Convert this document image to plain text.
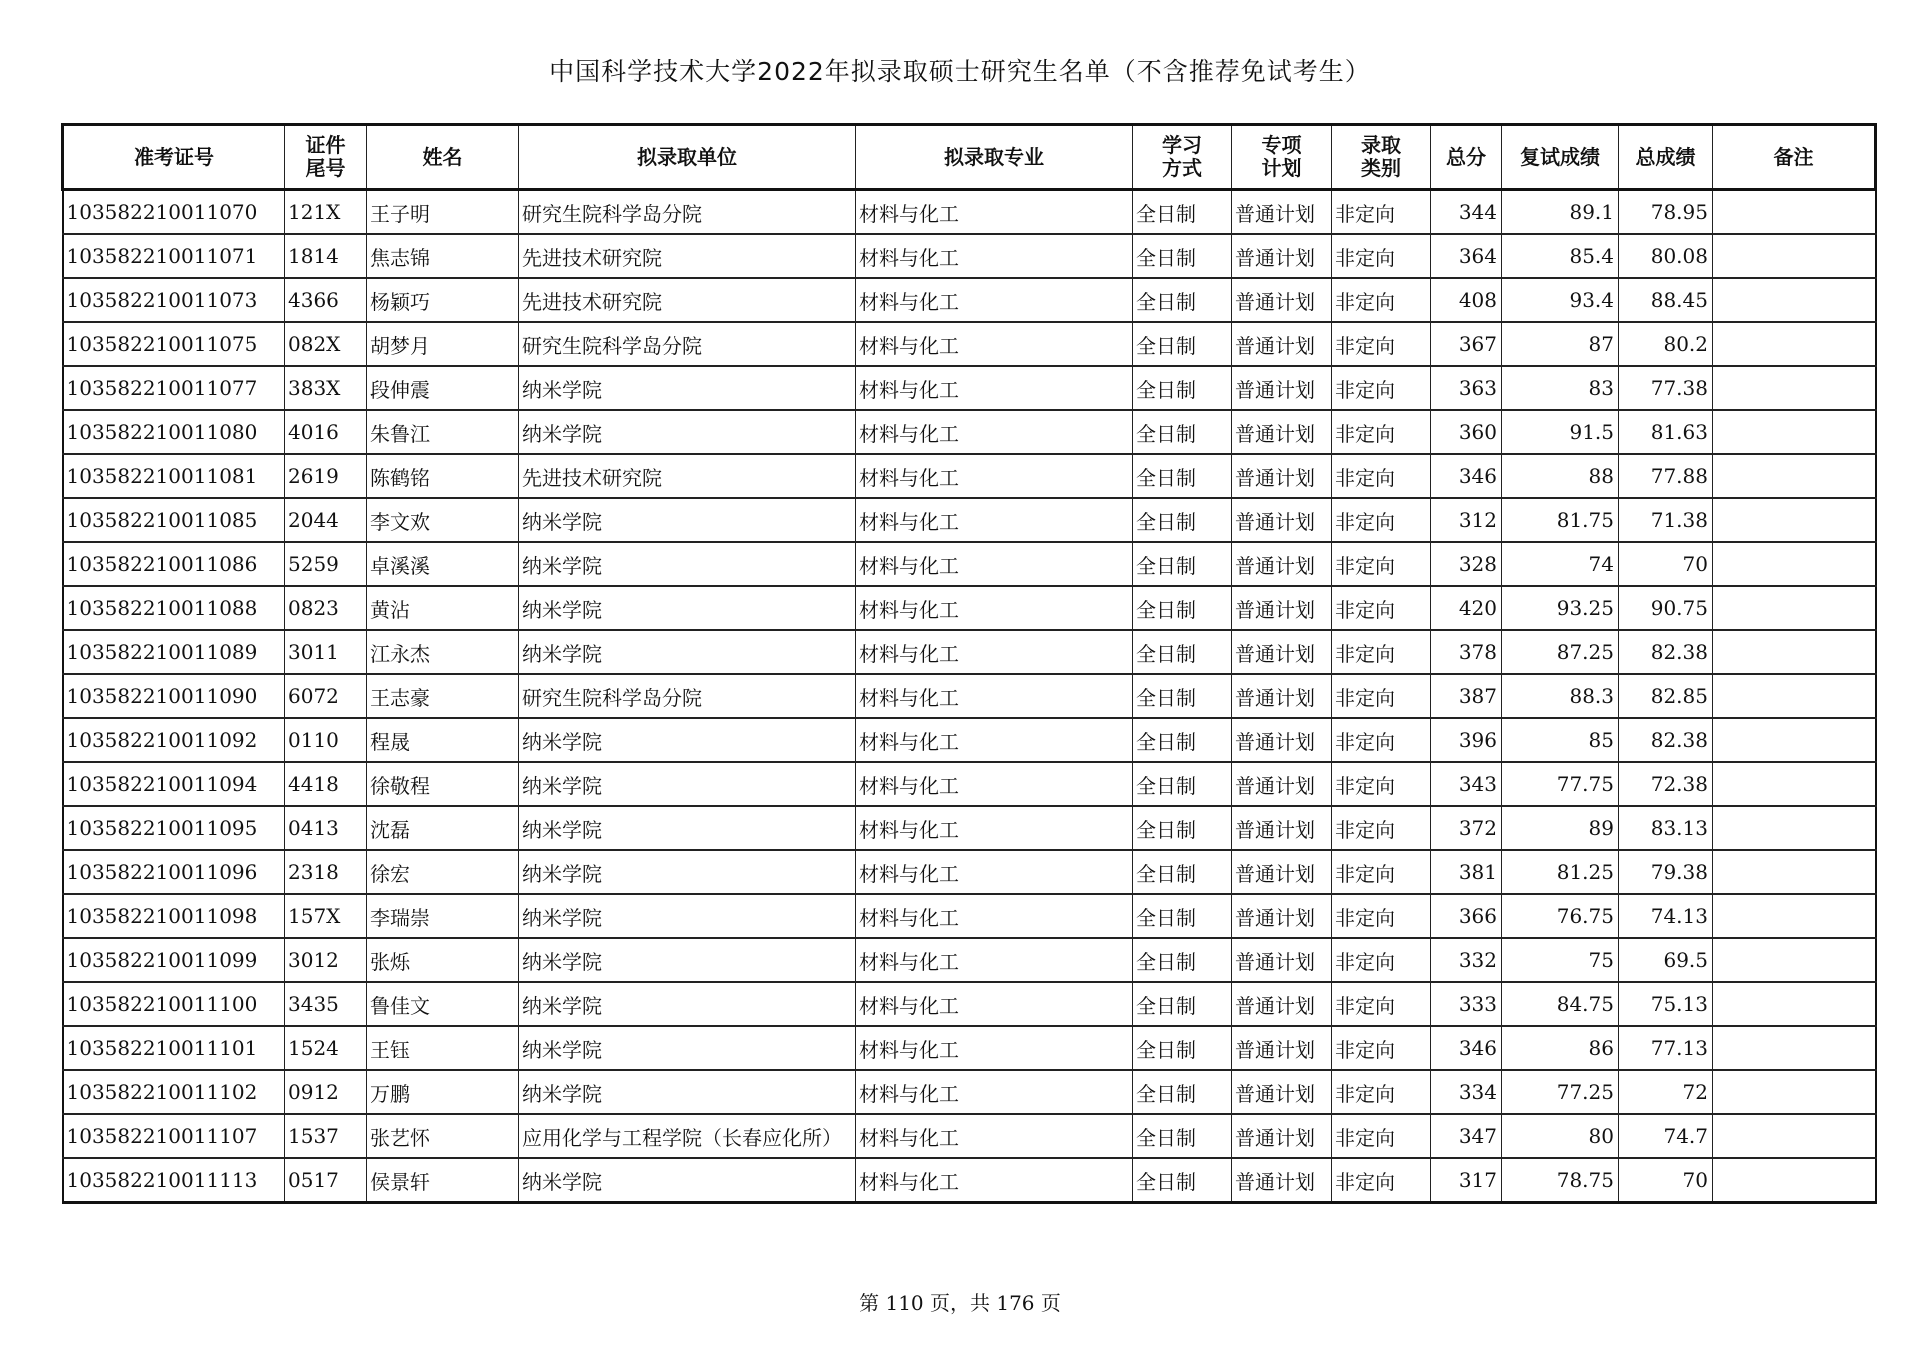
中国科学技术大学2022年拟录取硕士研究生名单（不含推荐免试考生）
准考证号	证件尾号	姓名	拟录取单位	拟录取专业	学习方式	专项计划	录取类别	总分	复试成绩	总成绩	备注
103582210011070	121X	王子明	研究生院科学岛分院	材料与化工	全日制	普通计划	非定向	344	89.1	78.95	
103582210011071	1814	焦志锦	先进技术研究院	材料与化工	全日制	普通计划	非定向	364	85.4	80.08	
103582210011073	4366	杨颖巧	先进技术研究院	材料与化工	全日制	普通计划	非定向	408	93.4	88.45	
103582210011075	082X	胡梦月	研究生院科学岛分院	材料与化工	全日制	普通计划	非定向	367	87	80.2	
103582210011077	383X	段伸震	纳米学院	材料与化工	全日制	普通计划	非定向	363	83	77.38	
103582210011080	4016	朱鲁江	纳米学院	材料与化工	全日制	普通计划	非定向	360	91.5	81.63	
103582210011081	2619	陈鹤铭	先进技术研究院	材料与化工	全日制	普通计划	非定向	346	88	77.88	
103582210011085	2044	李文欢	纳米学院	材料与化工	全日制	普通计划	非定向	312	81.75	71.38	
103582210011086	5259	卓溪溪	纳米学院	材料与化工	全日制	普通计划	非定向	328	74	70	
103582210011088	0823	黄沾	纳米学院	材料与化工	全日制	普通计划	非定向	420	93.25	90.75	
103582210011089	3011	江永杰	纳米学院	材料与化工	全日制	普通计划	非定向	378	87.25	82.38	
103582210011090	6072	王志豪	研究生院科学岛分院	材料与化工	全日制	普通计划	非定向	387	88.3	82.85	
103582210011092	0110	程晟	纳米学院	材料与化工	全日制	普通计划	非定向	396	85	82.38	
103582210011094	4418	徐敬程	纳米学院	材料与化工	全日制	普通计划	非定向	343	77.75	72.38	
103582210011095	0413	沈磊	纳米学院	材料与化工	全日制	普通计划	非定向	372	89	83.13	
103582210011096	2318	徐宏	纳米学院	材料与化工	全日制	普通计划	非定向	381	81.25	79.38	
103582210011098	157X	李瑞崇	纳米学院	材料与化工	全日制	普通计划	非定向	366	76.75	74.13	
103582210011099	3012	张烁	纳米学院	材料与化工	全日制	普通计划	非定向	332	75	69.5	
103582210011100	3435	鲁佳文	纳米学院	材料与化工	全日制	普通计划	非定向	333	84.75	75.13	
103582210011101	1524	王钰	纳米学院	材料与化工	全日制	普通计划	非定向	346	86	77.13	
103582210011102	0912	万鹏	纳米学院	材料与化工	全日制	普通计划	非定向	334	77.25	72	
103582210011107	1537	张艺怀	应用化学与工程学院（长春应化所）	材料与化工	全日制	普通计划	非定向	347	80	74.7	
103582210011113	0517	侯景轩	纳米学院	材料与化工	全日制	普通计划	非定向	317	78.75	70	
第 110 页，共 176 页
